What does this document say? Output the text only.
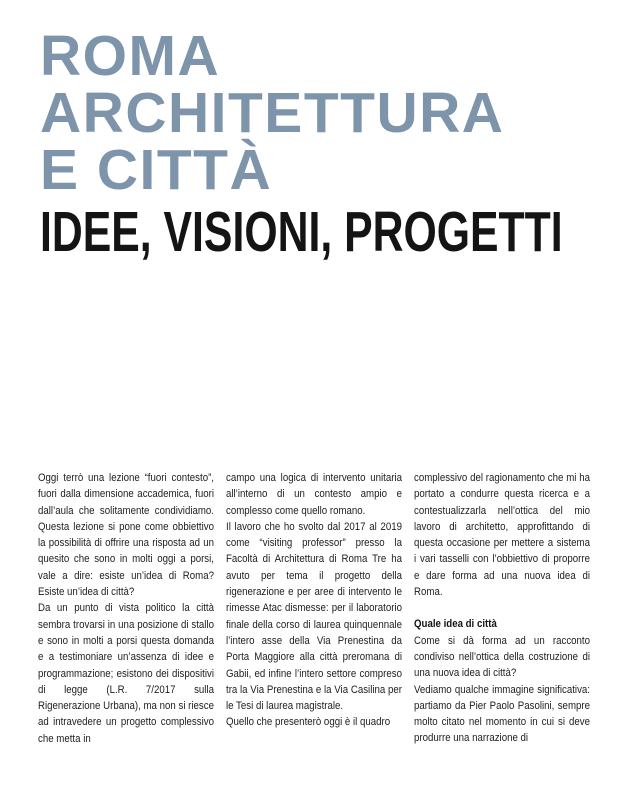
ROMA
ARCHITETTURA
E CITTÀ
IDEE, VISIONI, PROGETTI

Oggi terrò una lezione “fuori contesto”, fuori dalla dimensione accademica, fuori dall’aula che solitamente condividiamo. Questa lezione si pone come obbiettivo la possibilità di offrire una risposta ad un quesito che sono in molti oggi a porsi, vale a dire: esiste un’idea di Roma? Esiste un’idea di città?

Da un punto di vista politico la città sembra trovarsi in una posizione di stallo e sono in molti a porsi questa domanda e a testimoniare un’assenza di idee e programmazione; esistono dei dispositivi di legge (L.R. 7/2017 sulla Rigenerazione Urbana), ma non si riesce ad intravedere un progetto complessivo che metta in

campo una logica di intervento unitaria all’interno di un contesto ampio e complesso come quello romano.

Il lavoro che ho svolto dal 2017 al 2019 come “visiting professor” presso la Facoltà di Architettura di Roma Tre ha avuto per tema il progetto della rigenerazione e per aree di intervento le rimesse Atac dismesse: per il laboratorio finale della corso di laurea quinquennale l’intero asse della Via Prenestina da Porta Maggiore alla città preromana di Gabii, ed infine l’intero settore compreso tra la Via Prenestina e la Via Casilina per le Tesi di laurea magistrale.

Quello che presenterò oggi è il quadro

complessivo del ragionamento che mi ha portato a condurre questa ricerca e a contestualizzarla nell’ottica del mio lavoro di architetto, approfittando di questa occasione per mettere a sistema i vari tasselli con l’obbiettivo di proporre e dare forma ad una nuova idea di Roma.

Quale idea di città

Come si dà forma ad un racconto condiviso nell’ottica della costruzione di una nuova idea di città?

Vediamo qualche immagine significativa: partiamo da Pier Paolo Pasolini, sempre molto citato nel momento in cui si deve produrre una narrazione di
